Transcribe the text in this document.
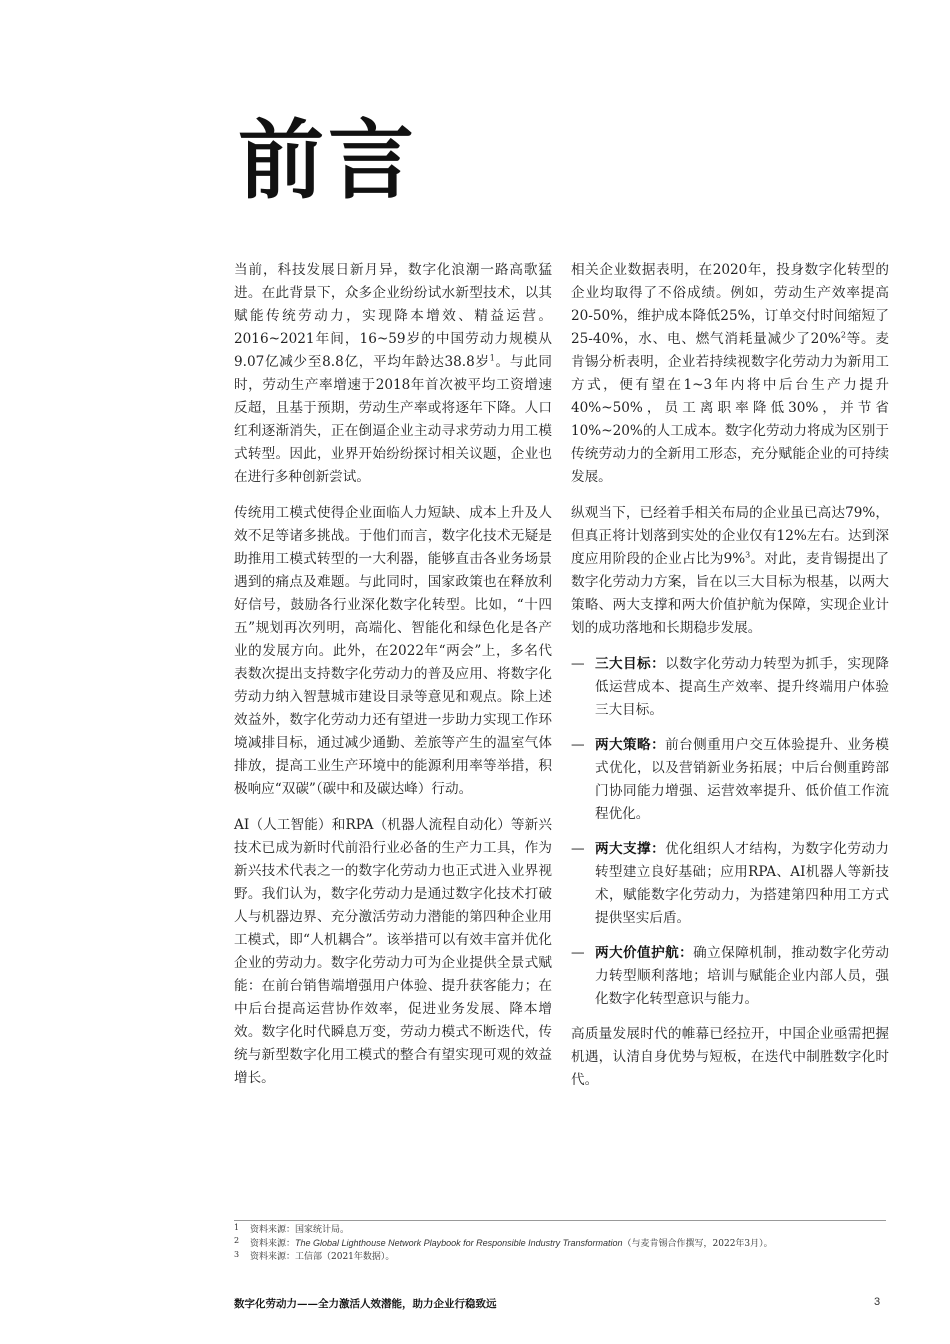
前言

当前，科技发展日新月异，数字化浪潮一路高歌猛进。在此背景下，众多企业纷纷试水新型技术，以其赋能传统劳动力，实现降本增效、精益运营。2016~2021年间，16~59岁的中国劳动力规模从9.07亿减少至8.8亿，平均年龄达38.8岁$^1$。与此同时，劳动生产率增速于2018年首次被平均工资增速反超，且基于预期，劳动生产率或将逐年下降。人口红利逐渐消失，正在倒逼企业主动寻求劳动力用工模式转型。因此，业界开始纷纷探讨相关议题，企业也在进行多种创新尝试。

传统用工模式使得企业面临人力短缺、成本上升及人效不足等诸多挑战。于他们而言，数字化技术无疑是助推用工模式转型的一大利器，能够直击各业务场景遇到的痛点及难题。与此同时，国家政策也在释放利好信号，鼓励各行业深化数字化转型。比如，“十四五”规划再次列明，高端化、智能化和绿色化是各产业的发展方向。此外，在2022年“两会”上，多名代表数次提出支持数字化劳动力的普及应用、将数字化劳动力纳入智慧城市建设目录等意见和观点。除上述效益外，数字化劳动力还有望进一步助力实现工作环境减排目标，通过减少通勤、差旅等产生的温室气体排放，提高工业生产环境中的能源利用率等举措，积极响应“双碳”（碳中和及碳达峰）行动。

AI（人工智能）和RPA（机器人流程自动化）等新兴技术已成为新时代前沿行业必备的生产力工具，作为新兴技术代表之一的数字化劳动力也正式进入业界视野。我们认为，数字化劳动力是通过数字化技术打破人与机器边界、充分激活劳动力潜能的第四种企业用工模式，即“人机耦合”。该举措可以有效丰富并优化企业的劳动力。数字化劳动力可为企业提供全景式赋能：在前台销售端增强用户体验、提升获客能力；在中后台提高运营协作效率，促进业务发展、降本增效。数字化时代瞬息万变，劳动力模式不断迭代，传统与新型数字化用工模式的整合有望实现可观的效益增长。

相关企业数据表明，在2020年，投身数字化转型的企业均取得了不俗成绩。例如，劳动生产效率提高20-50%，维护成本降低25%，订单交付时间缩短了25-40%，水、电、燃气消耗量减少了20%$^2$等。麦肯锡分析表明，企业若持续视数字化劳动力为新用工方式，便有望在1~3年内将中后台生产力提升40%~50%，员工离职率降低30%，并节省10%~20%的人工成本。数字化劳动力将成为区别于传统劳动力的全新用工形态，充分赋能企业的可持续发展。

纵观当下，已经着手相关布局的企业虽已高达79%，但真正将计划落到实处的企业仅有12%左右。达到深度应用阶段的企业占比为9%$^3$。对此，麦肯锡提出了数字化劳动力方案，旨在以三大目标为根基，以两大策略、两大支撑和两大价值护航为保障，实现企业计划的成功落地和长期稳步发展。

— 三大目标：以数字化劳动力转型为抓手，实现降低运营成本、提高生产效率、提升终端用户体验三大目标。
— 两大策略：前台侧重用户交互体验提升、业务模式优化，以及营销新业务拓展；中后台侧重跨部门协同能力增强、运营效率提升、低价值工作流程优化。
— 两大支撑：优化组织人才结构，为数字化劳动力转型建立良好基础；应用RPA、AI机器人等新技术，赋能数字化劳动力，为搭建第四种用工方式提供坚实后盾。
— 两大价值护航：确立保障机制，推动数字化劳动力转型顺利落地；培训与赋能企业内部人员，强化数字化转型意识与能力。

高质量发展时代的帷幕已经拉开，中国企业亟需把握机遇，认清自身优势与短板，在迭代中制胜数字化时代。

1 资料来源：国家统计局。
2 资料来源：The Global Lighthouse Network Playbook for Responsible Industry Transformation（与麦肯锡合作撰写，2022年3月）。
3 资料来源：工信部（2021年数据）。
数字化劳动力——全力激活人效潜能，助力企业行稳致远	3
